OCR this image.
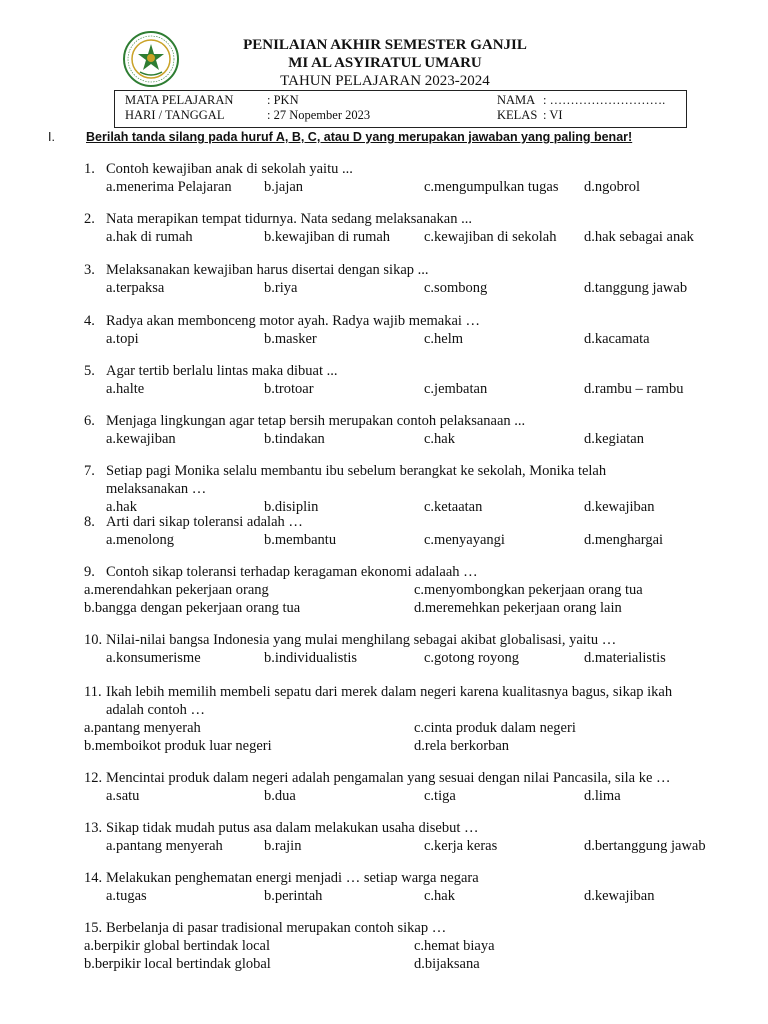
PENILAIAN AKHIR SEMESTER GANJIL
MI AL ASYIRATUL UMARU
TAHUN PELAJARAN 2023-2024
MATA PELAJARAN	: PKN	NAMA : ……………………….
HARI / TANGGAL	: 27 Nopember 2023	KELAS : VI
I. Berilah tanda silang pada huruf A, B, C, atau D yang merupakan jawaban yang paling benar!
1. Contoh kewajiban anak di sekolah yaitu ...
a.menerima Pelajaran b.jajan	c.mengumpulkan tugas d.ngobrol
2. Nata merapikan tempat tidurnya. Nata sedang melaksanakan ...
a.hak di rumah	b.kewajiban di rumah c.kewajiban di sekolah d.hak sebagai anak
3. Melaksanakan kewajiban harus disertai dengan sikap ...
a.terpaksa	b.riya	c.sombong	d.tanggung jawab
4. Radya akan membonceng motor ayah. Radya wajib memakai …
a.topi	b.masker	c.helm	d.kacamata
5. Agar tertib berlalu lintas maka dibuat ...
a.halte	b.trotoar	c.jembatan	d.rambu – rambu
6. Menjaga lingkungan agar tetap bersih merupakan contoh pelaksanaan ...
a.kewajiban	b.tindakan	c.hak	d.kegiatan
7. Setiap pagi Monika selalu membantu ibu sebelum berangkat ke sekolah, Monika telah
melaksanakan …
a.hak	b.disiplin	c.ketaatan	d.kewajiban
8. Arti dari sikap toleransi adalah …
a.menolong	b.membantu	c.menyayangi	d.menghargai
9. Contoh sikap toleransi terhadap keragaman ekonomi adalaah …
a.merendahkan pekerjaan orang	c.menyombongkan pekerjaan orang tua
b.bangga dengan pekerjaan orang tua	d.meremehkan pekerjaan orang lain
10. Nilai-nilai bangsa Indonesia yang mulai menghilang sebagai akibat globalisasi, yaitu …
a.konsumerisme	b.individualistis	c.gotong royong	d.materialistis
11. Ikah lebih memilih membeli sepatu dari merek dalam negeri karena kualitasnya bagus, sikap ikah
adalah contoh …
a.pantang menyerah	c.cinta produk dalam negeri
b.memboikot produk luar negeri	d.rela berkorban
12. Mencintai produk dalam negeri adalah pengamalan yang sesuai dengan nilai Pancasila, sila ke …
a.satu	b.dua	c.tiga	d.lima
13. Sikap tidak mudah putus asa dalam melakukan usaha disebut …
a.pantang menyerah	b.rajin	c.kerja keras	d.bertanggung jawab
14. Melakukan penghematan energi menjadi … setiap warga negara
a.tugas	b.perintah	c.hak	d.kewajiban
15. Berbelanja di pasar tradisional merupakan contoh sikap …
a.berpikir global bertindak local	c.hemat biaya
b.berpikir local bertindak global	d.bijaksana
